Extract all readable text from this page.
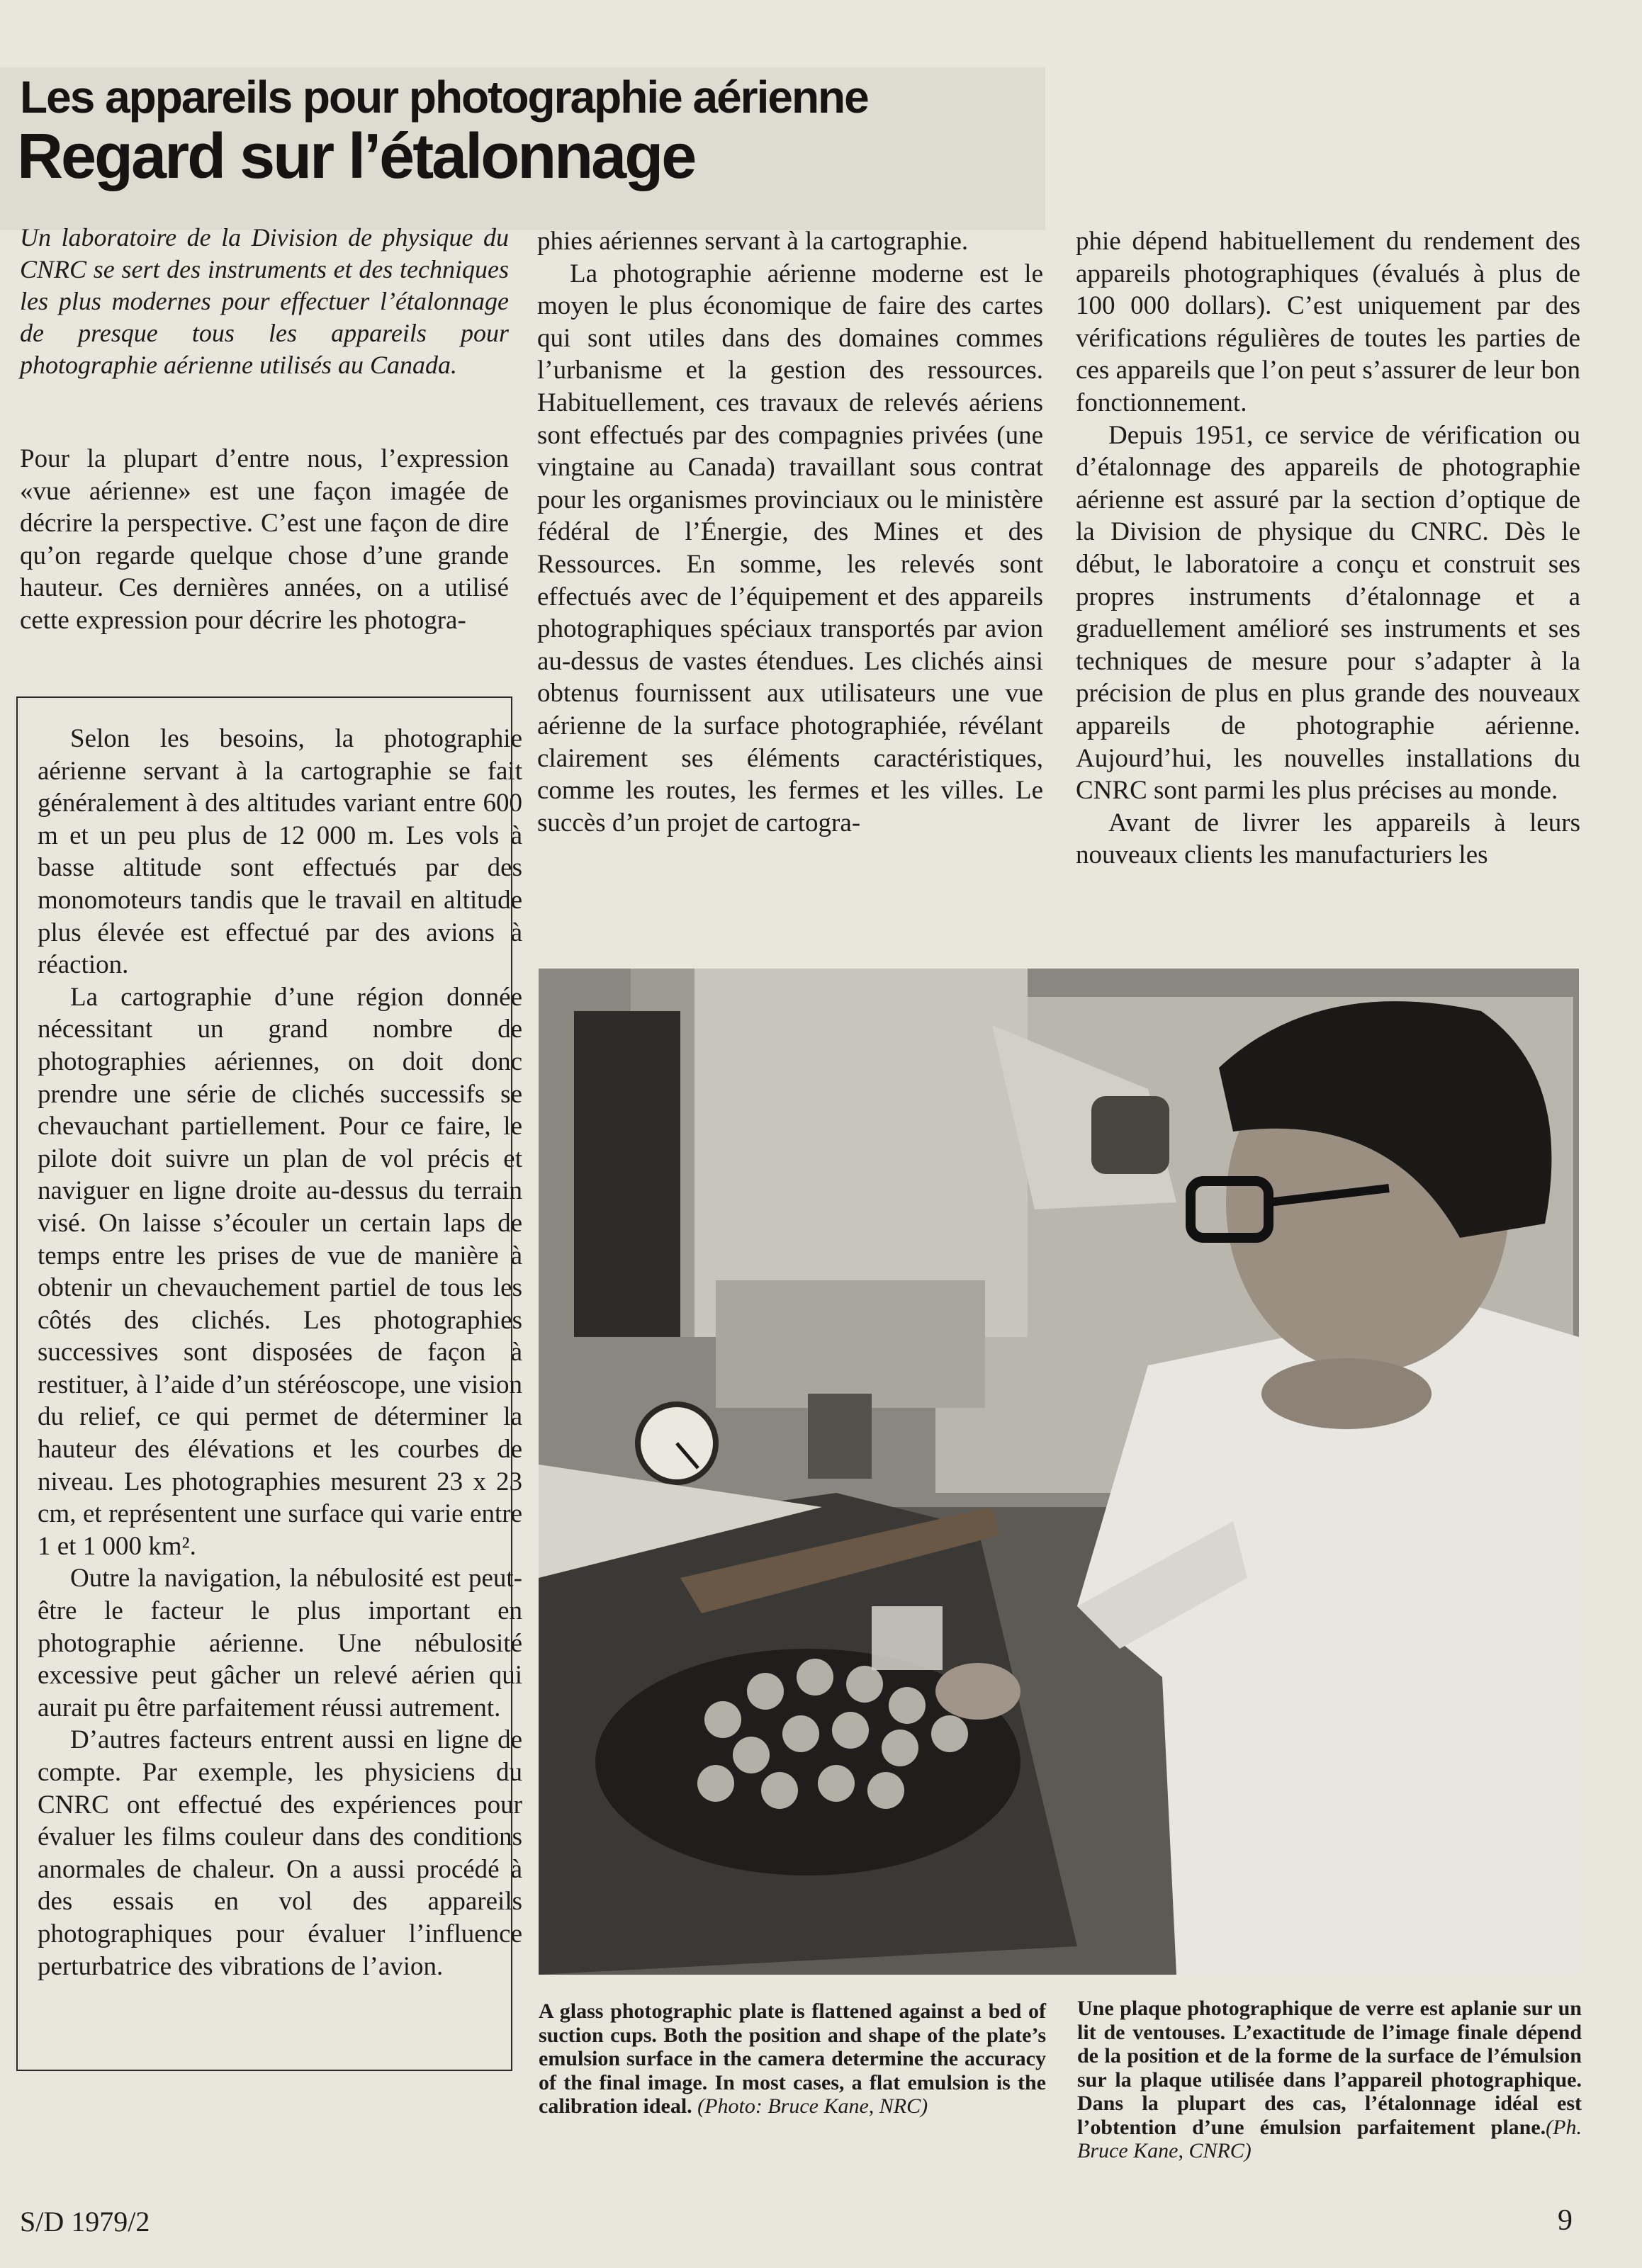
Les appareils pour photographie aérienne
Regard sur l’étalonnage

Un laboratoire de la Division de physique du CNRC se sert des instruments et des techniques les plus modernes pour effectuer l’étalonnage de presque tous les appareils pour photographie aérienne utilisés au Canada.

Pour la plupart d’entre nous, l’expression «vue aérienne» est une façon imagée de décrire la perspective. C’est une façon de dire qu’on regarde quelque chose d’une grande hauteur. Ces dernières années, on a utilisé cette expression pour décrire les photogra-

Selon les besoins, la photographie aérienne servant à la cartographie se fait généralement à des altitudes variant entre 600 m et un peu plus de 12 000 m. Les vols à basse altitude sont effectués par des monomoteurs tandis que le travail en altitude plus élevée est effectué par des avions à réaction.

La cartographie d’une région donnée nécessitant un grand nombre de photographies aériennes, on doit donc prendre une série de clichés successifs se chevauchant partiellement. Pour ce faire, le pilote doit suivre un plan de vol précis et naviguer en ligne droite au-dessus du terrain visé. On laisse s’écouler un certain laps de temps entre les prises de vue de manière à obtenir un chevauchement partiel de tous les côtés des clichés. Les photographies successives sont disposées de façon à restituer, à l’aide d’un stéréoscope, une vision du relief, ce qui permet de déterminer la hauteur des élévations et les courbes de niveau. Les photographies mesurent 23 x 23 cm, et représentent une surface qui varie entre 1 et 1 000 km².

Outre la navigation, la nébulosité est peut-être le facteur le plus important en photographie aérienne. Une nébulosité excessive peut gâcher un relevé aérien qui aurait pu être parfaitement réussi autrement.

D’autres facteurs entrent aussi en ligne de compte. Par exemple, les physiciens du CNRC ont effectué des expériences pour évaluer les films couleur dans des conditions anormales de chaleur. On a aussi procédé à des essais en vol des appareils photographiques pour évaluer l’influence perturbatrice des vibrations de l’avion.

phies aériennes servant à la cartographie.

La photographie aérienne moderne est le moyen le plus économique de faire des cartes qui sont utiles dans des domaines commes l’urbanisme et la gestion des ressources. Habituellement, ces travaux de relevés aériens sont effectués par des compagnies privées (une vingtaine au Canada) travaillant sous contrat pour les organismes provinciaux ou le ministère fédéral de l’Énergie, des Mines et des Ressources. En somme, les relevés sont effectués avec de l’équipement et des appareils photographiques spéciaux transportés par avion au-dessus de vastes étendues. Les clichés ainsi obtenus fournissent aux utilisateurs une vue aérienne de la surface photographiée, révélant clairement ses éléments caractéristiques, comme les routes, les fermes et les villes. Le succès d’un projet de cartogra-

phie dépend habituellement du rendement des appareils photographiques (évalués à plus de 100 000 dollars). C’est uniquement par des vérifications régulières de toutes les parties de ces appareils que l’on peut s’assurer de leur bon fonctionnement.

Depuis 1951, ce service de vérification ou d’étalonnage des appareils de photographie aérienne est assuré par la section d’optique de la Division de physique du CNRC. Dès le début, le laboratoire a conçu et construit ses propres instruments d’étalonnage et a graduellement amélioré ses instruments et ses techniques de mesure pour s’adapter à la précision de plus en plus grande des nouveaux appareils de photographie aérienne. Aujourd’hui, les nouvelles installations du CNRC sont parmi les plus précises au monde.

Avant de livrer les appareils à leurs nouveaux clients les manufacturiers les

A glass photographic plate is flattened against a bed of suction cups. Both the position and shape of the plate’s emulsion surface in the camera determine the accuracy of the final image. In most cases, a flat emulsion is the calibration ideal. (Photo: Bruce Kane, NRC)

Une plaque photographique de verre est aplanie sur un lit de ventouses. L’exactitude de l’image finale dépend de la position et de la forme de la surface de l’émulsion sur la plaque utilisée dans l’appareil photographique. Dans la plupart des cas, l’étalonnage idéal est l’obtention d’une émulsion parfaitement plane.(Ph. Bruce Kane, CNRC)

S/D 1979/2	9
